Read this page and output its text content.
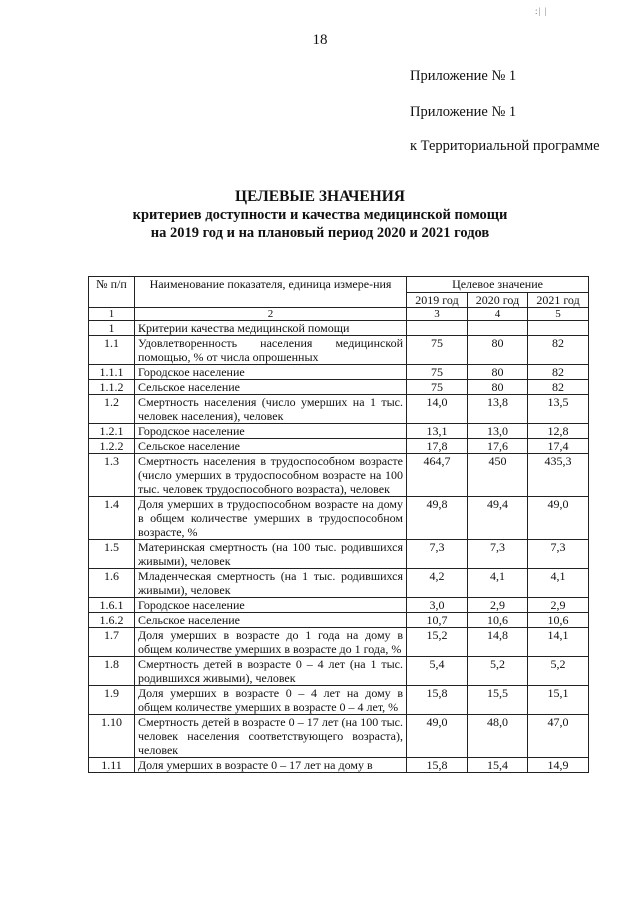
18
:| |
Приложение № 1
Приложение № 1
к Территориальной программе
ЦЕЛЕВЫЕ ЗНАЧЕНИЯ
критериев доступности и качества медицинской помощи
на 2019 год и на плановый период 2020 и 2021 годов
№ п/п	Наименование показателя, единица измере-ния	Целевое значение		
		2019 год	2020 год	2021 год
1	2	3	4	5
1	Критерии качества медицинской помощи			
1.1	Удовлетворенность населения медицинской помощью, % от числа опрошенных	75	80	82
1.1.1	Городское население	75	80	82
1.1.2	Сельское население	75	80	82
1.2	Смертность населения (число умерших на 1 тыс. человек населения), человек	14,0	13,8	13,5
1.2.1	Городское население	13,1	13,0	12,8
1.2.2	Сельское население	17,8	17,6	17,4
1.3	Смертность населения в трудоспособном возрасте (число умерших в трудоспособном возрасте на 100 тыс. человек трудоспособного возраста), человек	464,7	450	435,3
1.4	Доля умерших в трудоспособном возрасте на дому в общем количестве умерших в трудоспособном возрасте, %	49,8	49,4	49,0
1.5	Материнская смертность (на 100 тыс. родившихся живыми), человек	7,3	7,3	7,3
1.6	Младенческая смертность (на 1 тыс. родившихся живыми), человек	4,2	4,1	4,1
1.6.1	Городское население	3,0	2,9	2,9
1.6.2	Сельское население	10,7	10,6	10,6
1.7	Доля умерших в возрасте до 1 года на дому в общем количестве умерших в возрасте до 1 года, %	15,2	14,8	14,1
1.8	Смертность детей в возрасте 0 – 4 лет (на 1 тыс. родившихся живыми), человек	5,4	5,2	5,2
1.9	Доля умерших в возрасте 0 – 4 лет на дому в общем количестве умерших в возрасте 0 – 4 лет, %	15,8	15,5	15,1
1.10	Смертность детей в возрасте 0 – 17 лет (на 100 тыс. человек населения соответствующего возраста), человек	49,0	48,0	47,0
1.11	Доля умерших в возрасте 0 – 17 лет на дому в	15,8	15,4	14,9
